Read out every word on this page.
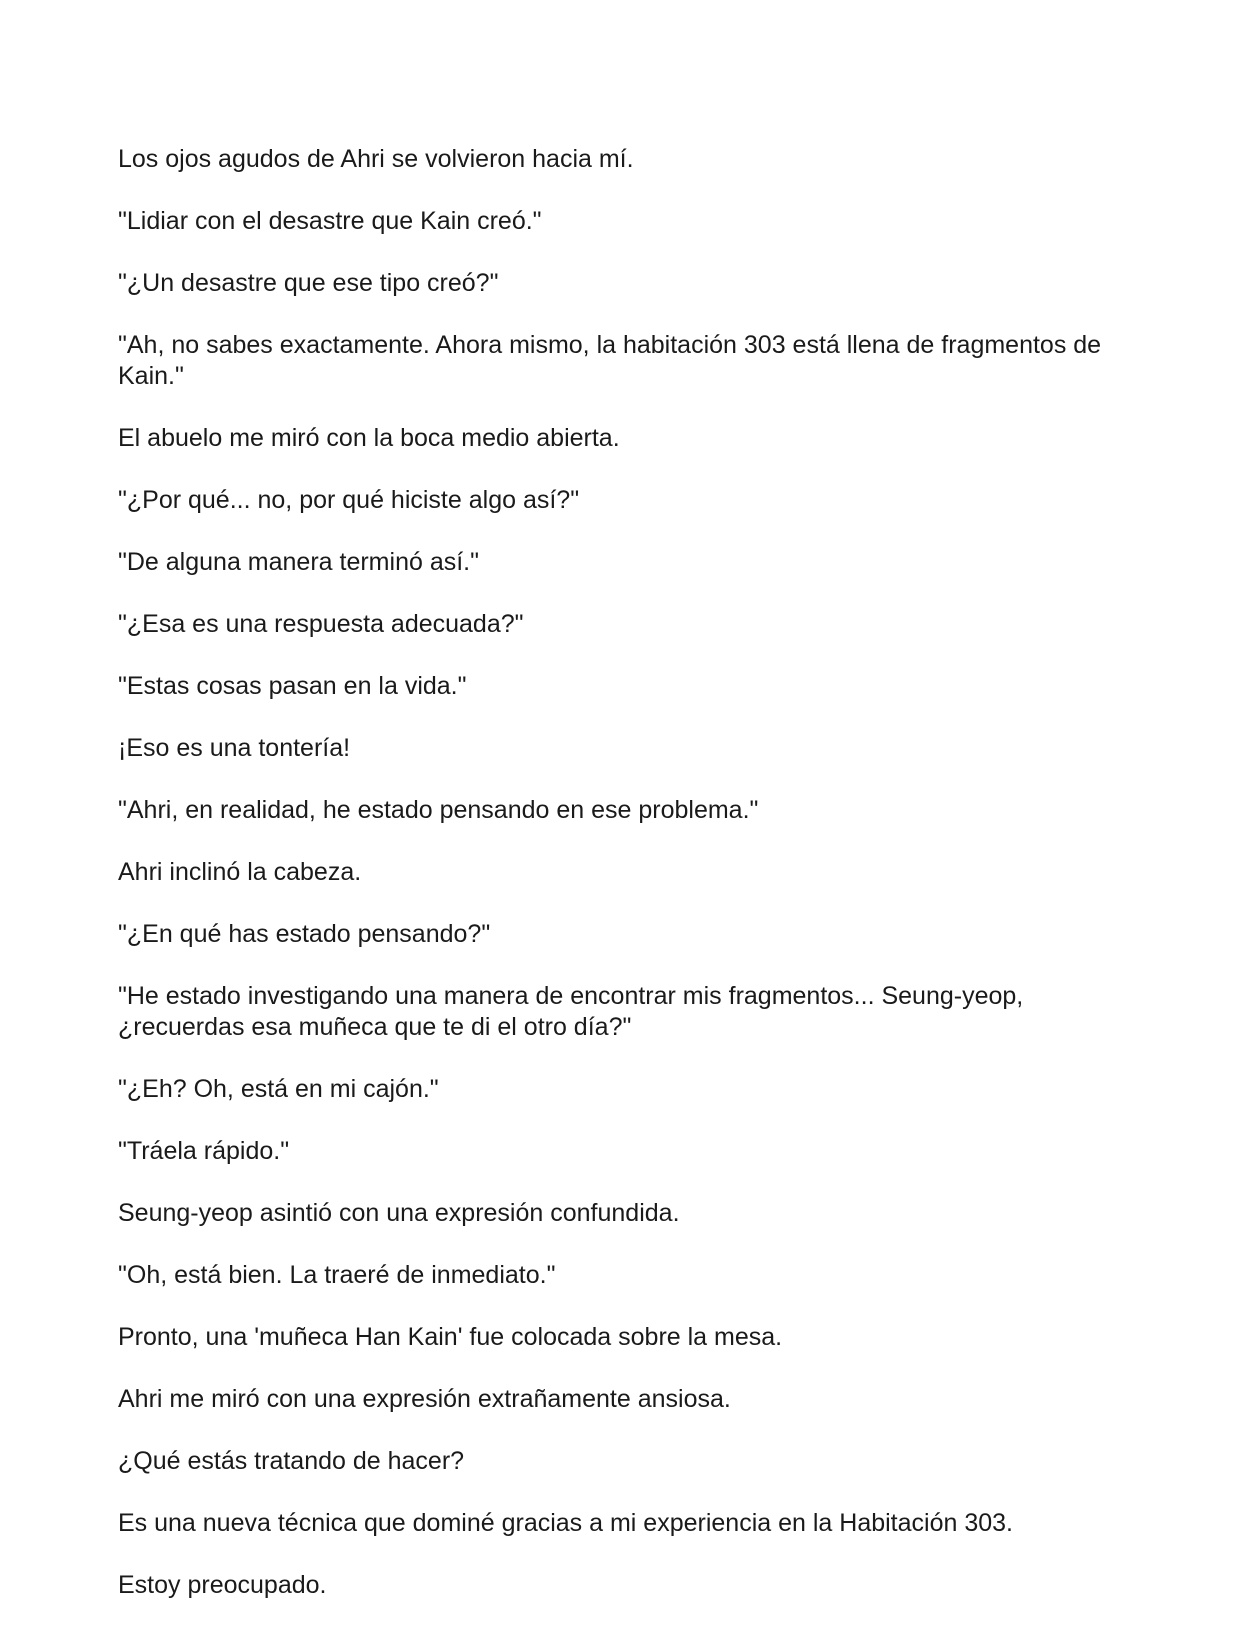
Los ojos agudos de Ahri se volvieron hacia mí.

"Lidiar con el desastre que Kain creó."

"¿Un desastre que ese tipo creó?"

"Ah, no sabes exactamente. Ahora mismo, la habitación 303 está llena de fragmentos de Kain."

El abuelo me miró con la boca medio abierta.

"¿Por qué... no, por qué hiciste algo así?"

"De alguna manera terminó así."

"¿Esa es una respuesta adecuada?"

"Estas cosas pasan en la vida."

¡Eso es una tontería!

"Ahri, en realidad, he estado pensando en ese problema."

Ahri inclinó la cabeza.

"¿En qué has estado pensando?"

"He estado investigando una manera de encontrar mis fragmentos... Seung-yeop, ¿recuerdas esa muñeca que te di el otro día?"

"¿Eh? Oh, está en mi cajón."

"Tráela rápido."

Seung-yeop asintió con una expresión confundida.

"Oh, está bien. La traeré de inmediato."

Pronto, una 'muñeca Han Kain' fue colocada sobre la mesa.

Ahri me miró con una expresión extrañamente ansiosa.

¿Qué estás tratando de hacer?

Es una nueva técnica que dominé gracias a mi experiencia en la Habitación 303.

Estoy preocupado.
